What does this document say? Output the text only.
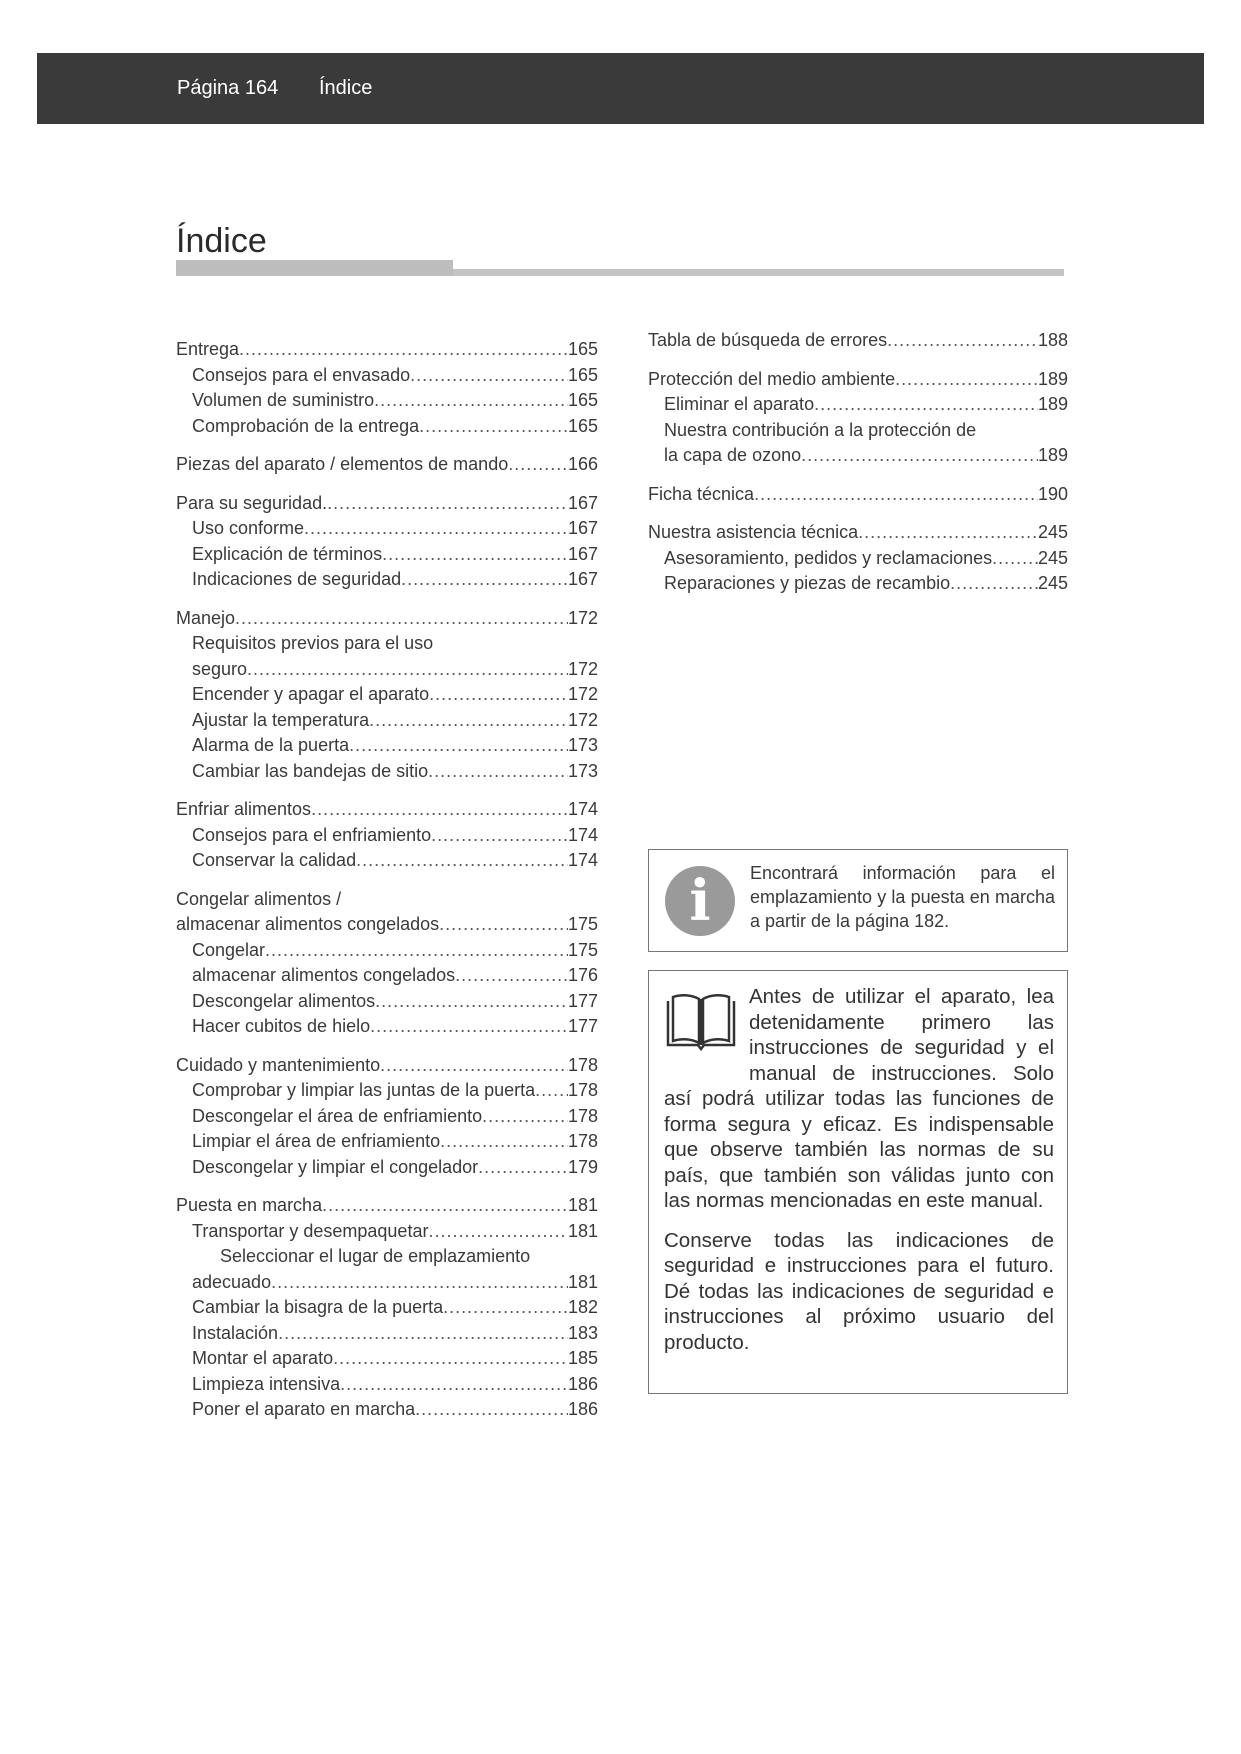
Página 164 Índice
Índice
Entrega .....	165
Consejos para el envasado .....	165
Volumen de suministro .....	165
Comprobación de la entrega .....	165
Piezas del aparato / elementos de mando .....	166
Para su seguridad. .....	167
Uso conforme .....	167
Explicación de términos .....	167
Indicaciones de seguridad .....	167
Manejo .....	172
Requisitos previos para el uso
seguro .....	172
Encender y apagar el aparato .....	172
Ajustar la temperatura .....	172
Alarma de la puerta .....	173
Cambiar las bandejas de sitio .....	173
Enfriar alimentos .....	174
Consejos para el enfriamiento .....	174
Conservar la calidad .....	174
Congelar alimentos /
almacenar alimentos congelados .....	175
Congelar .....	175
almacenar alimentos congelados .....	176
Descongelar alimentos .....	177
Hacer cubitos de hielo .....	177
Cuidado y mantenimiento .....	178
Comprobar y limpiar las juntas de la puerta ..... 178
Descongelar el área de enfriamiento .....	178
Limpiar el área de enfriamiento .....	178
Descongelar y limpiar el congelador .....	179
Puesta en marcha .....	181
Transportar y desempaquetar .....	181
Seleccionar el lugar de emplazamiento
adecuado .....	181
Cambiar la bisagra de la puerta .....	182
Instalación .....	183
Montar el aparato .....	185
Limpieza intensiva .....	186
Poner el aparato en marcha .....	186
Tabla de búsqueda de errores .....	188
Protección del medio ambiente .....	189
Eliminar el aparato .....	189
Nuestra contribución a la protección de
la capa de ozono .....	189
Ficha técnica .....	190
Nuestra asistencia técnica .....	245
Asesoramiento, pedidos y reclamaciones .....	245
Reparaciones y piezas de recambio .....	245
i	Encontrará información para el emplazamiento y la puesta en marcha a partir de la página 182.

Antes de utilizar el aparato, lea detenidamente primero las instrucciones de seguridad y el manual de instrucciones. Solo así podrá utilizar todas las funciones de forma segura y eficaz. Es indispensable que observe también las normas de su país, que también son válidas junto con las normas mencionadas en este manual.

Conserve todas las indicaciones de seguridad e instrucciones para el futuro. Dé todas las indicaciones de seguridad e instrucciones al próximo usuario del producto.
